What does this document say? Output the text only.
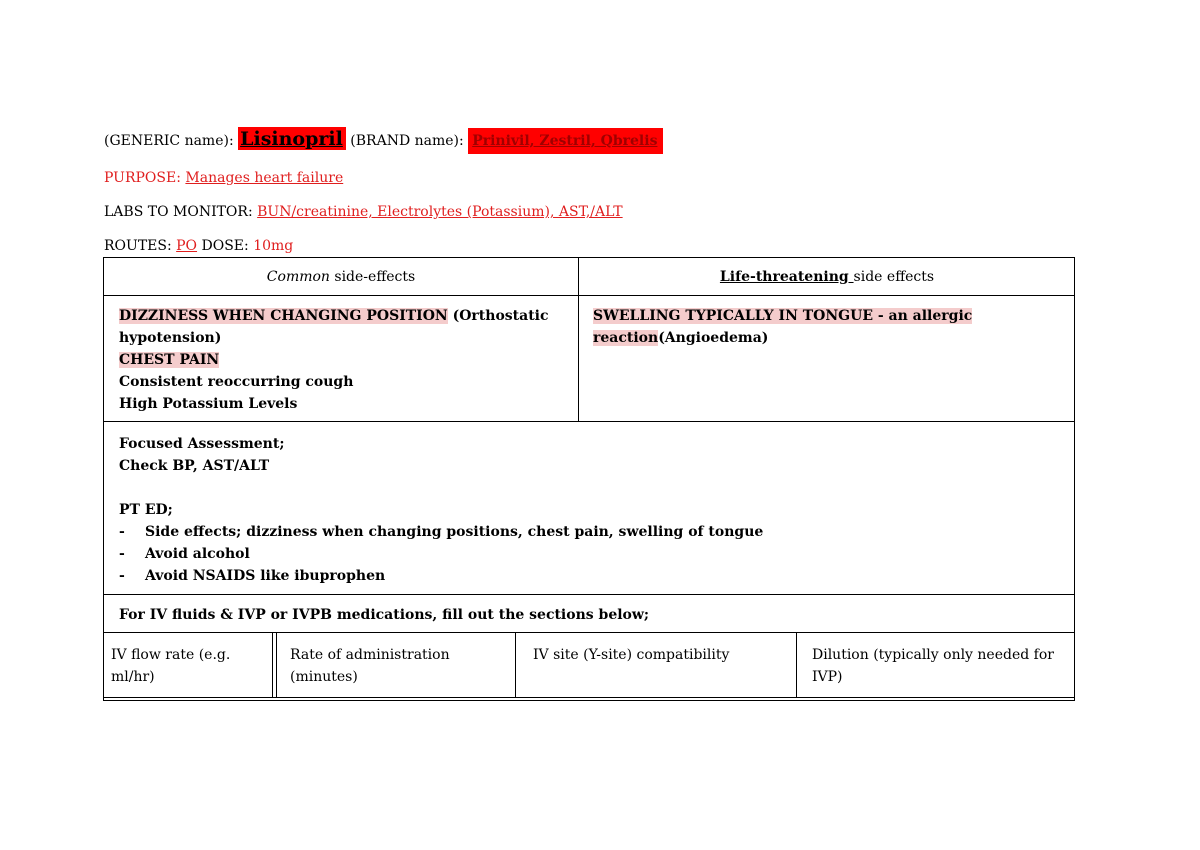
(GENERIC name): Lisinopril (BRAND name): Prinivil, Zestril, Qbrelis
PURPOSE: Manages heart failure
LABS TO MONITOR: BUN/creatinine, Electrolytes (Potassium), AST,/ALT
ROUTES: PO DOSE: 10mg
Common side-effects	Life-threatening side effects
DIZZINESS WHEN CHANGING POSITION (Orthostatic
hypotension)
CHEST PAIN
Consistent reoccurring cough
High Potassium Levels
SWELLING TYPICALLY IN TONGUE - an allergic
reaction(Angioedema)
Focused Assessment;
Check BP, AST/ALT
PT ED;
- Side effects; dizziness when changing positions, chest pain, swelling of tongue
- Avoid alcohol
- Avoid NSAIDS like ibuprophen
For IV fluids & IVP or IVPB medications, fill out the sections below;
IV flow rate (e.g. ml/hr)
Rate of administration (minutes)
IV site (Y-site) compatibility	Dilution (typically only needed for IVP)
